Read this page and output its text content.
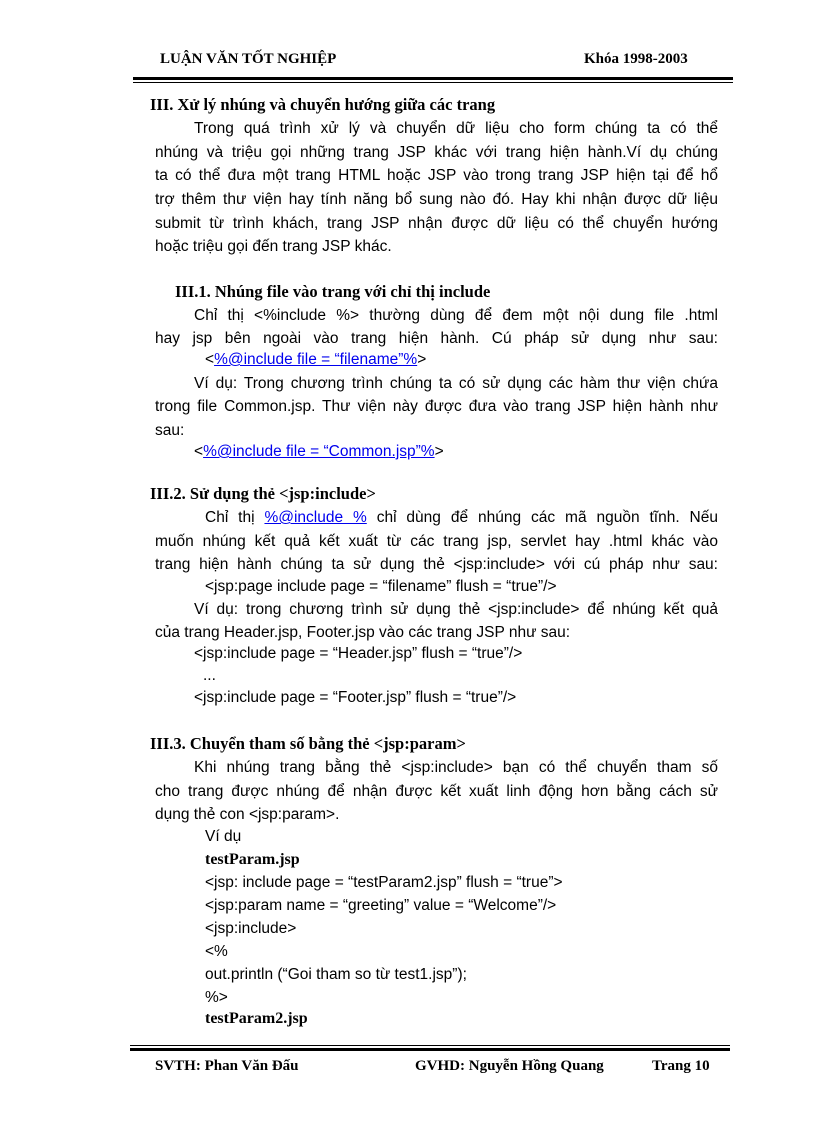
LUẬN VĂN TỐT NGHIỆP	Khóa 1998-2003
III. Xử lý nhúng và chuyển hướng giữa các trang
Trong quá trình xử lý và chuyển dữ liệu cho form chúng ta có thể
nhúng và triệu gọi những trang JSP khác với trang hiện hành.Ví dụ chúng
ta có thể đưa một trang HTML hoặc JSP vào trong trang JSP hiện tại để hổ
trợ thêm thư viện hay tính năng bổ sung nào đó. Hay khi nhận được dữ liệu
submit từ trình khách, trang JSP nhận được dữ liệu có thể chuyển hướng
hoặc triệu gọi đến trang JSP khác.
III.1. Nhúng file vào trang với chỉ thị include
Chỉ thị <%include %> thường dùng để đem một nội dung file .html
hay jsp bên ngoài vào trang hiện hành. Cú pháp sử dụng như sau:
<%@include file = “filename”%>
Ví dụ: Trong chương trình chúng ta có sử dụng các hàm thư viện chứa
trong file Common.jsp. Thư viện này được đưa vào trang JSP hiện hành như
sau:
<%@include file = “Common.jsp”%>
III.2. Sử dụng thẻ <jsp:include>
Chỉ thị %@include % chỉ dùng để nhúng các mã nguồn tĩnh. Nếu
muốn nhúng kết quả kết xuất từ các trang jsp, servlet hay .html khác vào
trang hiện hành chúng ta sử dụng thẻ <jsp:include> với cú pháp như sau:
<jsp:page include page = “filename” flush = “true”/>
Ví dụ: trong chương trình sử dụng thẻ <jsp:include> để nhúng kết quả
của trang Header.jsp, Footer.jsp vào các trang JSP như sau:
<jsp:include page = “Header.jsp” flush = “true”/>
...
<jsp:include page = “Footer.jsp” flush = “true”/>
III.3. Chuyển tham số bằng thẻ <jsp:param>
Khi nhúng trang bằng thẻ <jsp:include> bạn có thể chuyển tham số
cho trang được nhúng để nhận được kết xuất linh động hơn bằng cách sử
dụng thẻ con <jsp:param>.
Ví dụ
testParam.jsp
<jsp: include page = “testParam2.jsp” flush = “true”>
<jsp:param name = “greeting” value = “Welcome”/>
<jsp:include>
<%
out.println (“Goi tham so từ test1.jsp”);
%>
testParam2.jsp
SVTH: Phan Văn Đấu	GVHD: Nguyễn Hồng Quang	Trang 10
